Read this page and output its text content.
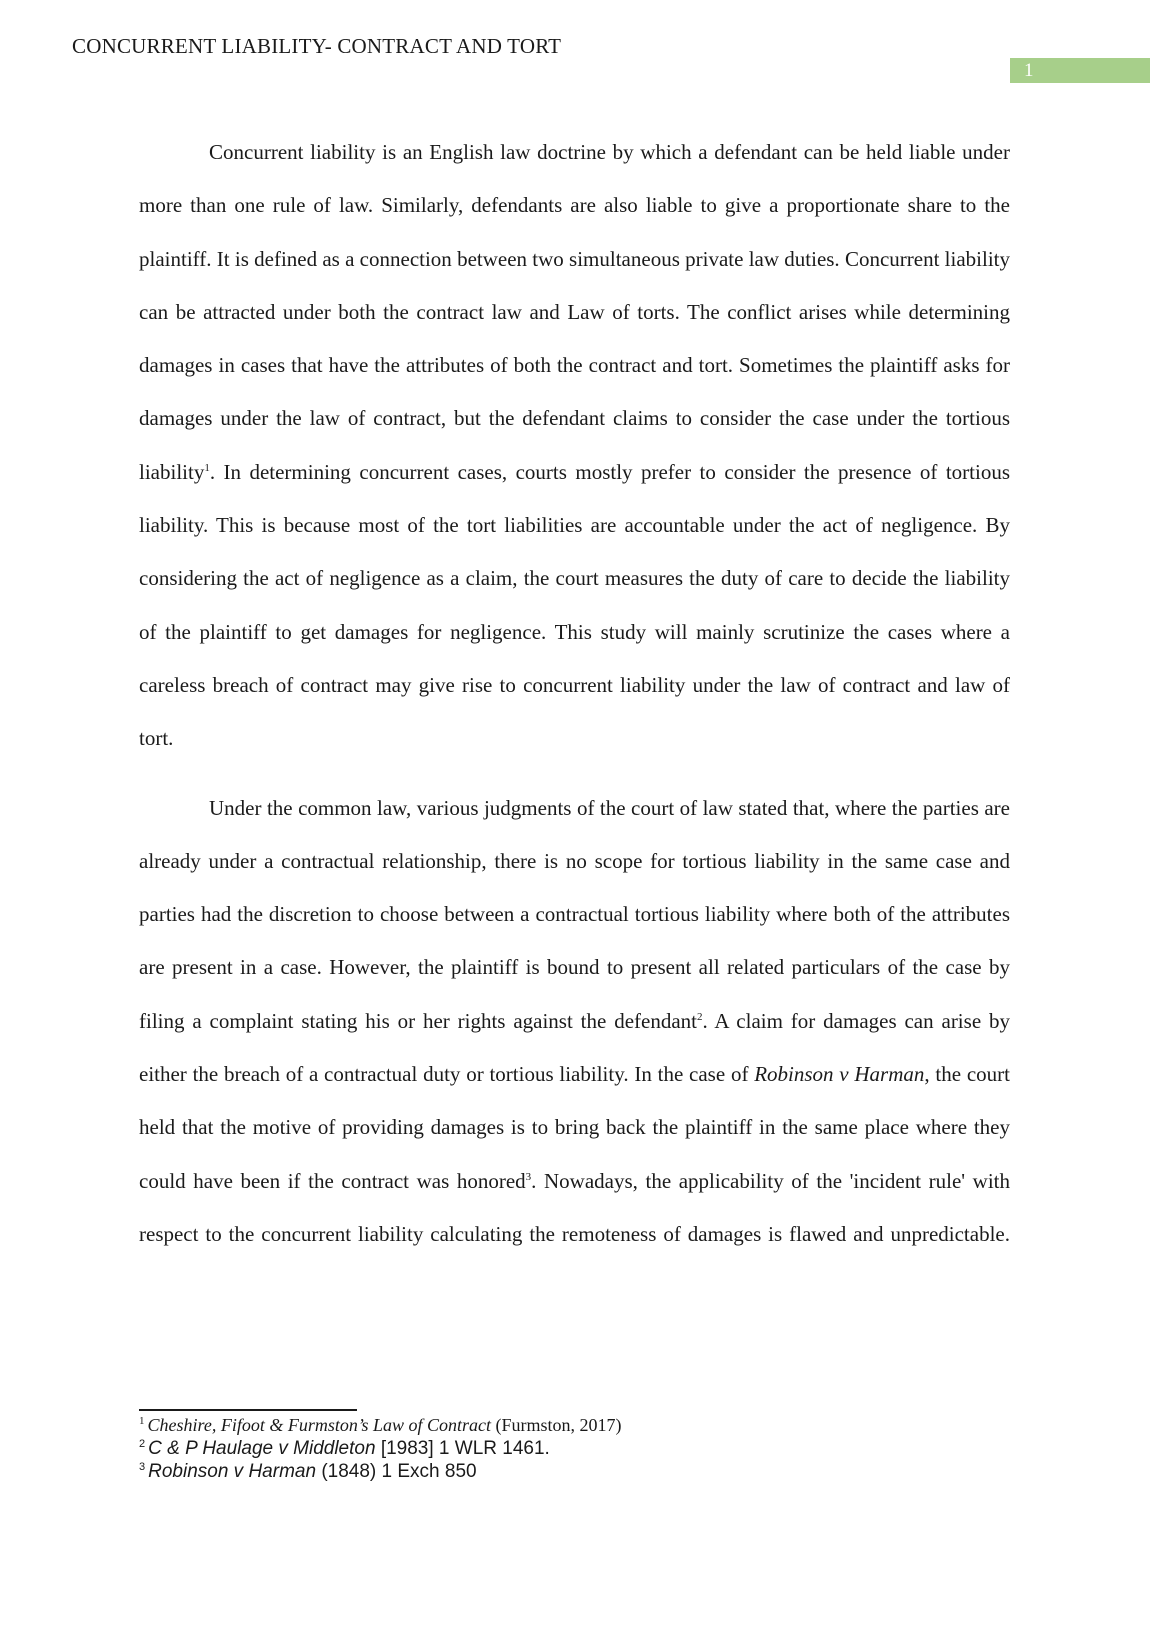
CONCURRENT LIABILITY- CONTRACT AND TORT
1

Concurrent liability is an English law doctrine by which a defendant can be held liable under more than one rule of law. Similarly, defendants are also liable to give a proportionate share to the plaintiff. It is defined as a connection between two simultaneous private law duties. Concurrent liability can be attracted under both the contract law and Law of torts. The conflict arises while determining damages in cases that have the attributes of both the contract and tort. Sometimes the plaintiff asks for damages under the law of contract, but the defendant claims to consider the case under the tortious liability$^1$. In determining concurrent cases, courts mostly prefer to consider the presence of tortious liability. This is because most of the tort liabilities are accountable under the act of negligence. By considering the act of negligence as a claim, the court measures the duty of care to decide the liability of the plaintiff to get damages for negligence. This study will mainly scrutinize the cases where a careless breach of contract may give rise to concurrent liability under the law of contract and law of tort.

Under the common law, various judgments of the court of law stated that, where the parties are already under a contractual relationship, there is no scope for tortious liability in the same case and parties had the discretion to choose between a contractual tortious liability where both of the attributes are present in a case. However, the plaintiff is bound to present all related particulars of the case by filing a complaint stating his or her rights against the defendant$^2$. A claim for damages can arise by either the breach of a contractual duty or tortious liability. In the case of Robinson v Harman, the court held that the motive of providing damages is to bring back the plaintiff in the same place where they could have been if the contract was honored$^3$. Nowadays, the applicability of the 'incident rule' with respect to the concurrent liability calculating the remoteness of damages is flawed and unpredictable.

$^1$ Cheshire, Fifoot & Furmston’s Law of Contract (Furmston, 2017)
$^2$ C & P Haulage v Middleton [1983] 1 WLR 1461.
$^3$ Robinson v Harman (1848) 1 Exch 850
